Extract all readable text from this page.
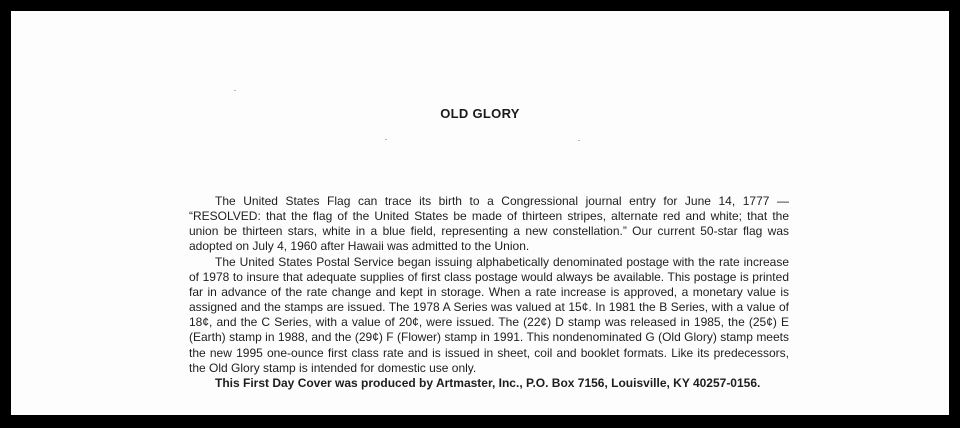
OLD GLORY

The United States Flag can trace its birth to a Congressional journal entry for June 14, 1777 — “RESOLVED: that the flag of the United States be made of thirteen stripes, alternate red and white; that the union be thirteen stars, white in a blue field, representing a new constellation.” Our current 50-star flag was adopted on July 4, 1960 after Hawaii was admitted to the Union.

The United States Postal Service began issuing alphabetically denominated postage with the rate increase of 1978 to insure that adequate supplies of first class postage would always be available. This postage is printed far in advance of the rate change and kept in storage. When a rate increase is approved, a monetary value is assigned and the stamps are issued. The 1978 A Series was valued at 15¢. In 1981 the B Series, with a value of 18¢, and the C Series, with a value of 20¢, were issued. The (22¢) D stamp was released in 1985, the (25¢) E (Earth) stamp in 1988, and the (29¢) F (Flower) stamp in 1991. This nondenominated G (Old Glory) stamp meets the new 1995 one-ounce first class rate and is issued in sheet, coil and booklet formats. Like its predecessors, the Old Glory stamp is intended for domestic use only.

This First Day Cover was produced by Artmaster, Inc., P.O. Box 7156, Louisville, KY 40257-0156.
